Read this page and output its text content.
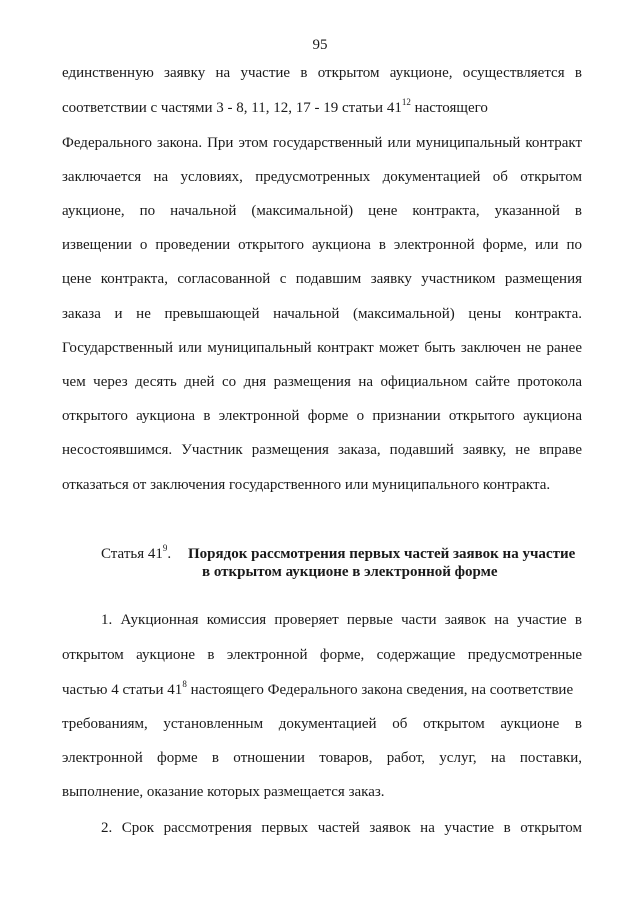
95
единственную заявку на участие в открытом аукционе, осуществляется в
соответствии с частями 3 - 8, 11, 12, 17 - 19 статьи $41^{12}$ настоящего
Федерального закона. При этом государственный или муниципальный контракт
заключается на условиях, предусмотренных документацией об открытом
аукционе, по начальной (максимальной) цене контракта, указанной в
извещении о проведении открытого аукциона в электронной форме, или по
цене контракта, согласованной с подавшим заявку участником размещения
заказа и не превышающей начальной (максимальной) цены контракта.
Государственный или муниципальный контракт может быть заключен не ранее
чем через десять дней со дня размещения на официальном сайте протокола
открытого аукциона в электронной форме о признании открытого аукциона
несостоявшимся. Участник размещения заказа, подавший заявку, не вправе
отказаться от заключения государственного или муниципального контракта.
Статья $41^9$. Порядок рассмотрения первых частей заявок на участие
в открытом аукционе в электронной форме
1. Аукционная комиссия проверяет первые части заявок на участие в
открытом аукционе в электронной форме, содержащие предусмотренные
частью 4 статьи $41^8$ настоящего Федерального закона сведения, на соответствие
требованиям, установленным документацией об открытом аукционе в
электронной форме в отношении товаров, работ, услуг, на поставки,
выполнение, оказание которых размещается заказ.
2. Срок рассмотрения первых частей заявок на участие в открытом
